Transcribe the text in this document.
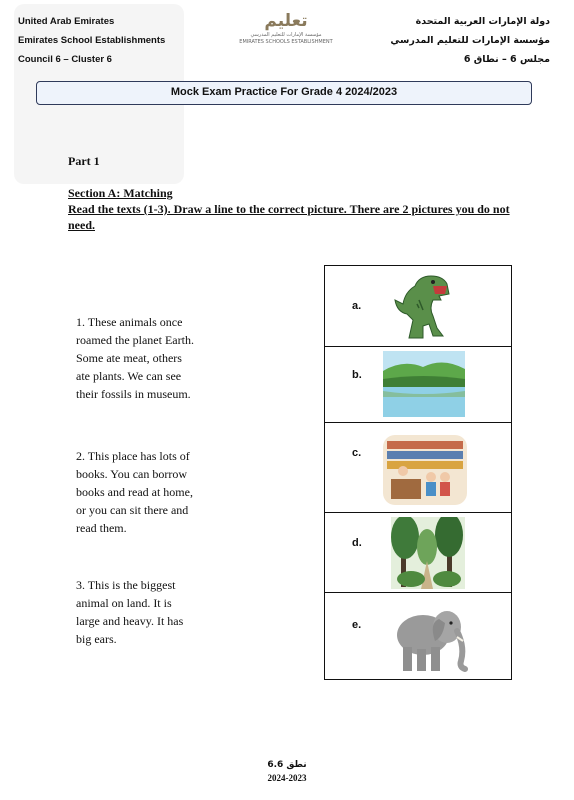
United Arab Emirates
Emirates School Establishments
Council 6 – Cluster 6
تعليم
مؤسسة الإمارات للتعليم المدرسي
EMIRATES SCHOOLS ESTABLISHMENT
دولة الإمارات العربية المتحدة
مؤسسة الإمارات للتعليم المدرسي
مجلس 6 – نطاق 6
Mock Exam Practice For Grade 4 2024/2023
Part 1
Section A: Matching
Read the texts (1-3). Draw a line to the correct picture. There are 2 pictures you do not need.
1. These animals once
roamed the planet Earth.
Some ate meat, others
ate plants. We can see
their fossils in museum.
2. This place has lots of
books. You can borrow
books and read at home,
or you can sit there and
read them.
3. This is the biggest
animal on land. It is
large and heavy. It has
big ears.
a.
b.
c.
d.
e.
نطق 6.6
2024-2023
